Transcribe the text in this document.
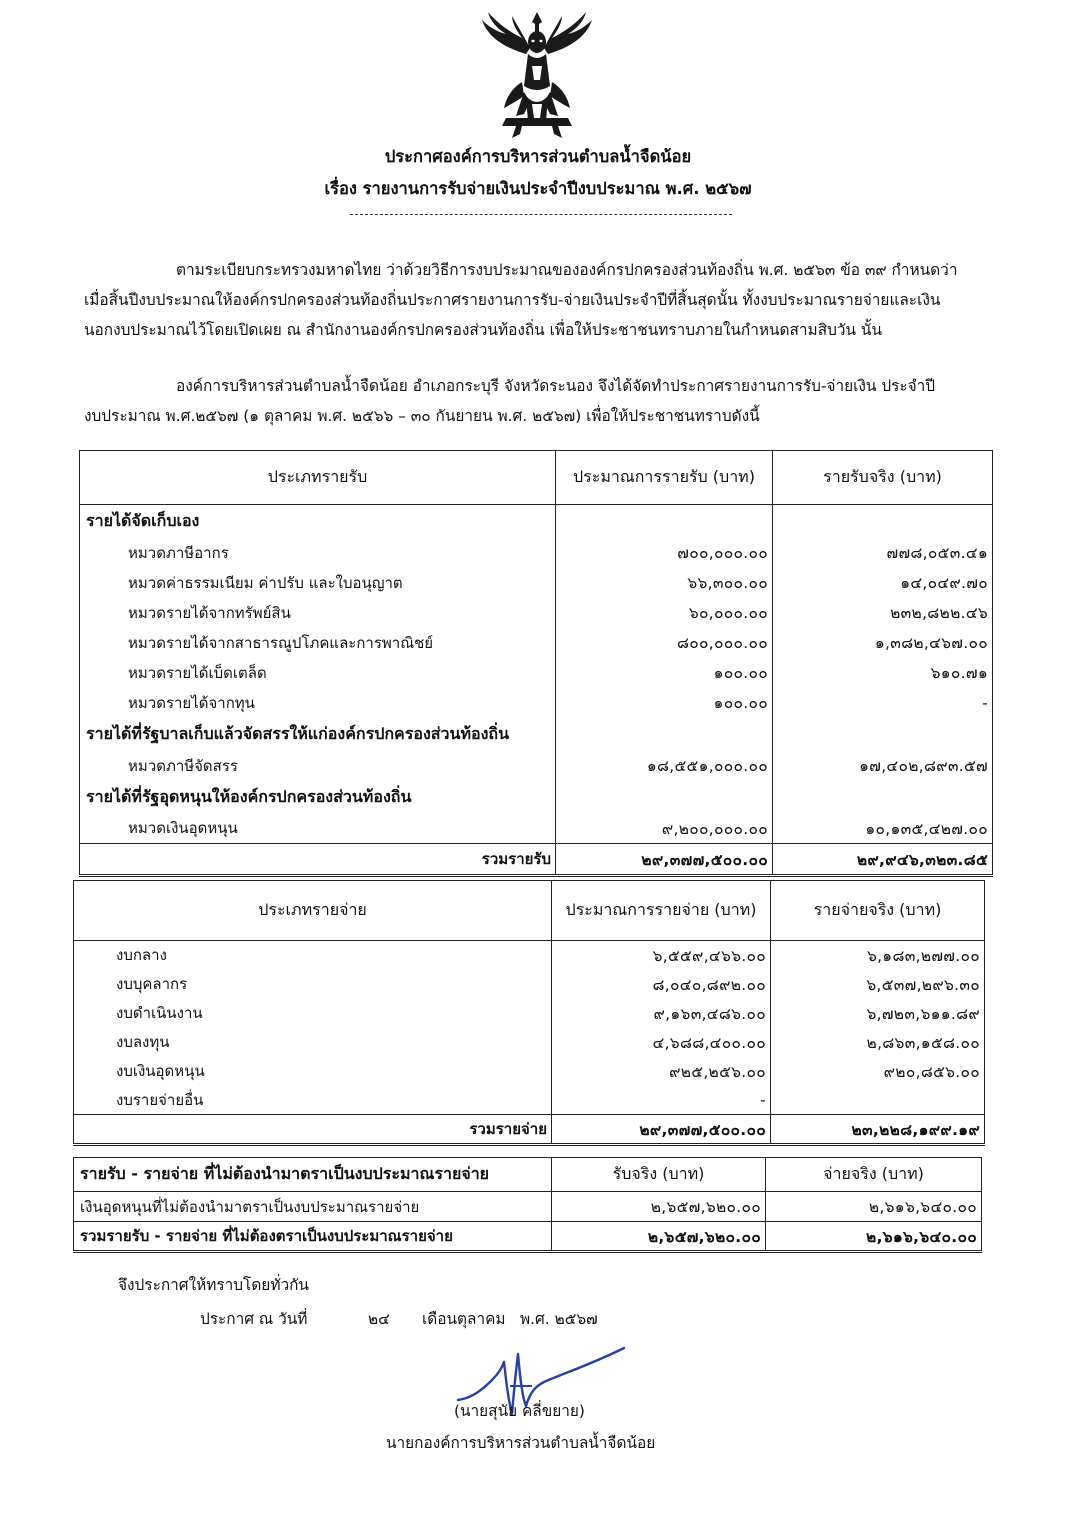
ประกาศองค์การบริหารส่วนตำบลน้ำจืดน้อย
เรื่อง รายงานการรับจ่ายเงินประจำปีงบประมาณ พ.ศ. ๒๕๖๗

ตามระเบียบกระทรวงมหาดไทย ว่าด้วยวิธีการงบประมาณขององค์กรปกครองส่วนท้องถิ่น พ.ศ. ๒๕๖๓ ข้อ ๓๙ กำหนดว่า
เมื่อสิ้นปีงบประมาณให้องค์กรปกครองส่วนท้องถิ่นประกาศรายงานการรับ-จ่ายเงินประจำปีที่สิ้นสุดนั้น ทั้งงบประมาณรายจ่ายและเงิน
นอกงบประมาณไว้โดยเปิดเผย ณ สำนักงานองค์กรปกครองส่วนท้องถิ่น เพื่อให้ประชาชนทราบภายในกำหนดสามสิบวัน นั้น

องค์การบริหารส่วนตำบลน้ำจืดน้อย อำเภอกระบุรี จังหวัดระนอง จึงได้จัดทำประกาศรายงานการรับ-จ่ายเงิน ประจำปี
งบประมาณ พ.ศ.๒๕๖๗ (๑ ตุลาคม พ.ศ. ๒๕๖๖ – ๓๐ กันยายน พ.ศ. ๒๕๖๗) เพื่อให้ประชาชนทราบดังนี้

ประเภทรายรับ	ประมาณการรายรับ (บาท)	รายรับจริง (บาท)
รายได้จัดเก็บเอง		
หมวดภาษีอากร	๗๐๐,๐๐๐.๐๐	๗๗๘,๐๕๓.๔๑
หมวดค่าธรรมเนียม ค่าปรับ และใบอนุญาต	๖๖,๓๐๐.๐๐	๑๔,๐๔๙.๗๐
หมวดรายได้จากทรัพย์สิน	๖๐,๐๐๐.๐๐	๒๓๒,๘๒๒.๔๖
หมวดรายได้จากสาธารณูปโภคและการพาณิชย์	๘๐๐,๐๐๐.๐๐	๑,๓๘๒,๔๖๗.๐๐
หมวดรายได้เบ็ดเตล็ด	๑๐๐.๐๐	๖๑๐.๗๑
หมวดรายได้จากทุน	๑๐๐.๐๐	-
รายได้ที่รัฐบาลเก็บแล้วจัดสรรให้แก่องค์กรปกครองส่วนท้องถิ่น		
หมวดภาษีจัดสรร	๑๘,๕๕๑,๐๐๐.๐๐	๑๗,๔๐๒,๘๙๓.๕๗
รายได้ที่รัฐอุดหนุนให้องค์กรปกครองส่วนท้องถิ่น		
หมวดเงินอุดหนุน	๙,๒๐๐,๐๐๐.๐๐	๑๐,๑๓๕,๔๒๗.๐๐
รวมรายรับ	๒๙,๓๗๗,๕๐๐.๐๐	๒๙,๙๔๖,๓๒๓.๘๕
ประเภทรายจ่าย	ประมาณการรายจ่าย (บาท)	รายจ่ายจริง (บาท)
งบกลาง	๖,๕๕๙,๔๖๖.๐๐	๖,๑๘๓,๒๗๗.๐๐
งบบุคลากร	๘,๐๔๐,๘๙๒.๐๐	๖,๕๓๗,๒๙๖.๓๐
งบดำเนินงาน	๙,๑๖๓,๔๘๖.๐๐	๖,๗๒๓,๖๑๑.๘๙
งบลงทุน	๔,๖๘๘,๔๐๐.๐๐	๒,๘๖๓,๑๕๘.๐๐
งบเงินอุดหนุน	๙๒๕,๒๕๖.๐๐	๙๒๐,๘๕๖.๐๐
งบรายจ่ายอื่น	-	
รวมรายจ่าย	๒๙,๓๗๗,๕๐๐.๐๐	๒๓,๒๒๘,๑๙๙.๑๙
รายรับ - รายจ่าย ที่ไม่ต้องนำมาตราเป็นงบประมาณรายจ่าย	รับจริง (บาท)	จ่ายจริง (บาท)
เงินอุดหนุนที่ไม่ต้องนำมาตราเป็นงบประมาณรายจ่าย	๒,๖๕๗,๖๒๐.๐๐	๒,๖๑๖,๖๔๐.๐๐
รวมรายรับ - รายจ่าย ที่ไม่ต้องตราเป็นงบประมาณรายจ่าย	๒,๖๕๗,๖๒๐.๐๐	๒,๖๑๖,๖๔๐.๐๐
จึงประกาศให้ทราบโดยทั่วกัน
ประกาศ ณ วันที่	๒๔ เดือนตุลาคม พ.ศ. ๒๕๖๗
(นายสุนัย คลี่ขยาย)
นายกองค์การบริหารส่วนตำบลน้ำจืดน้อย
